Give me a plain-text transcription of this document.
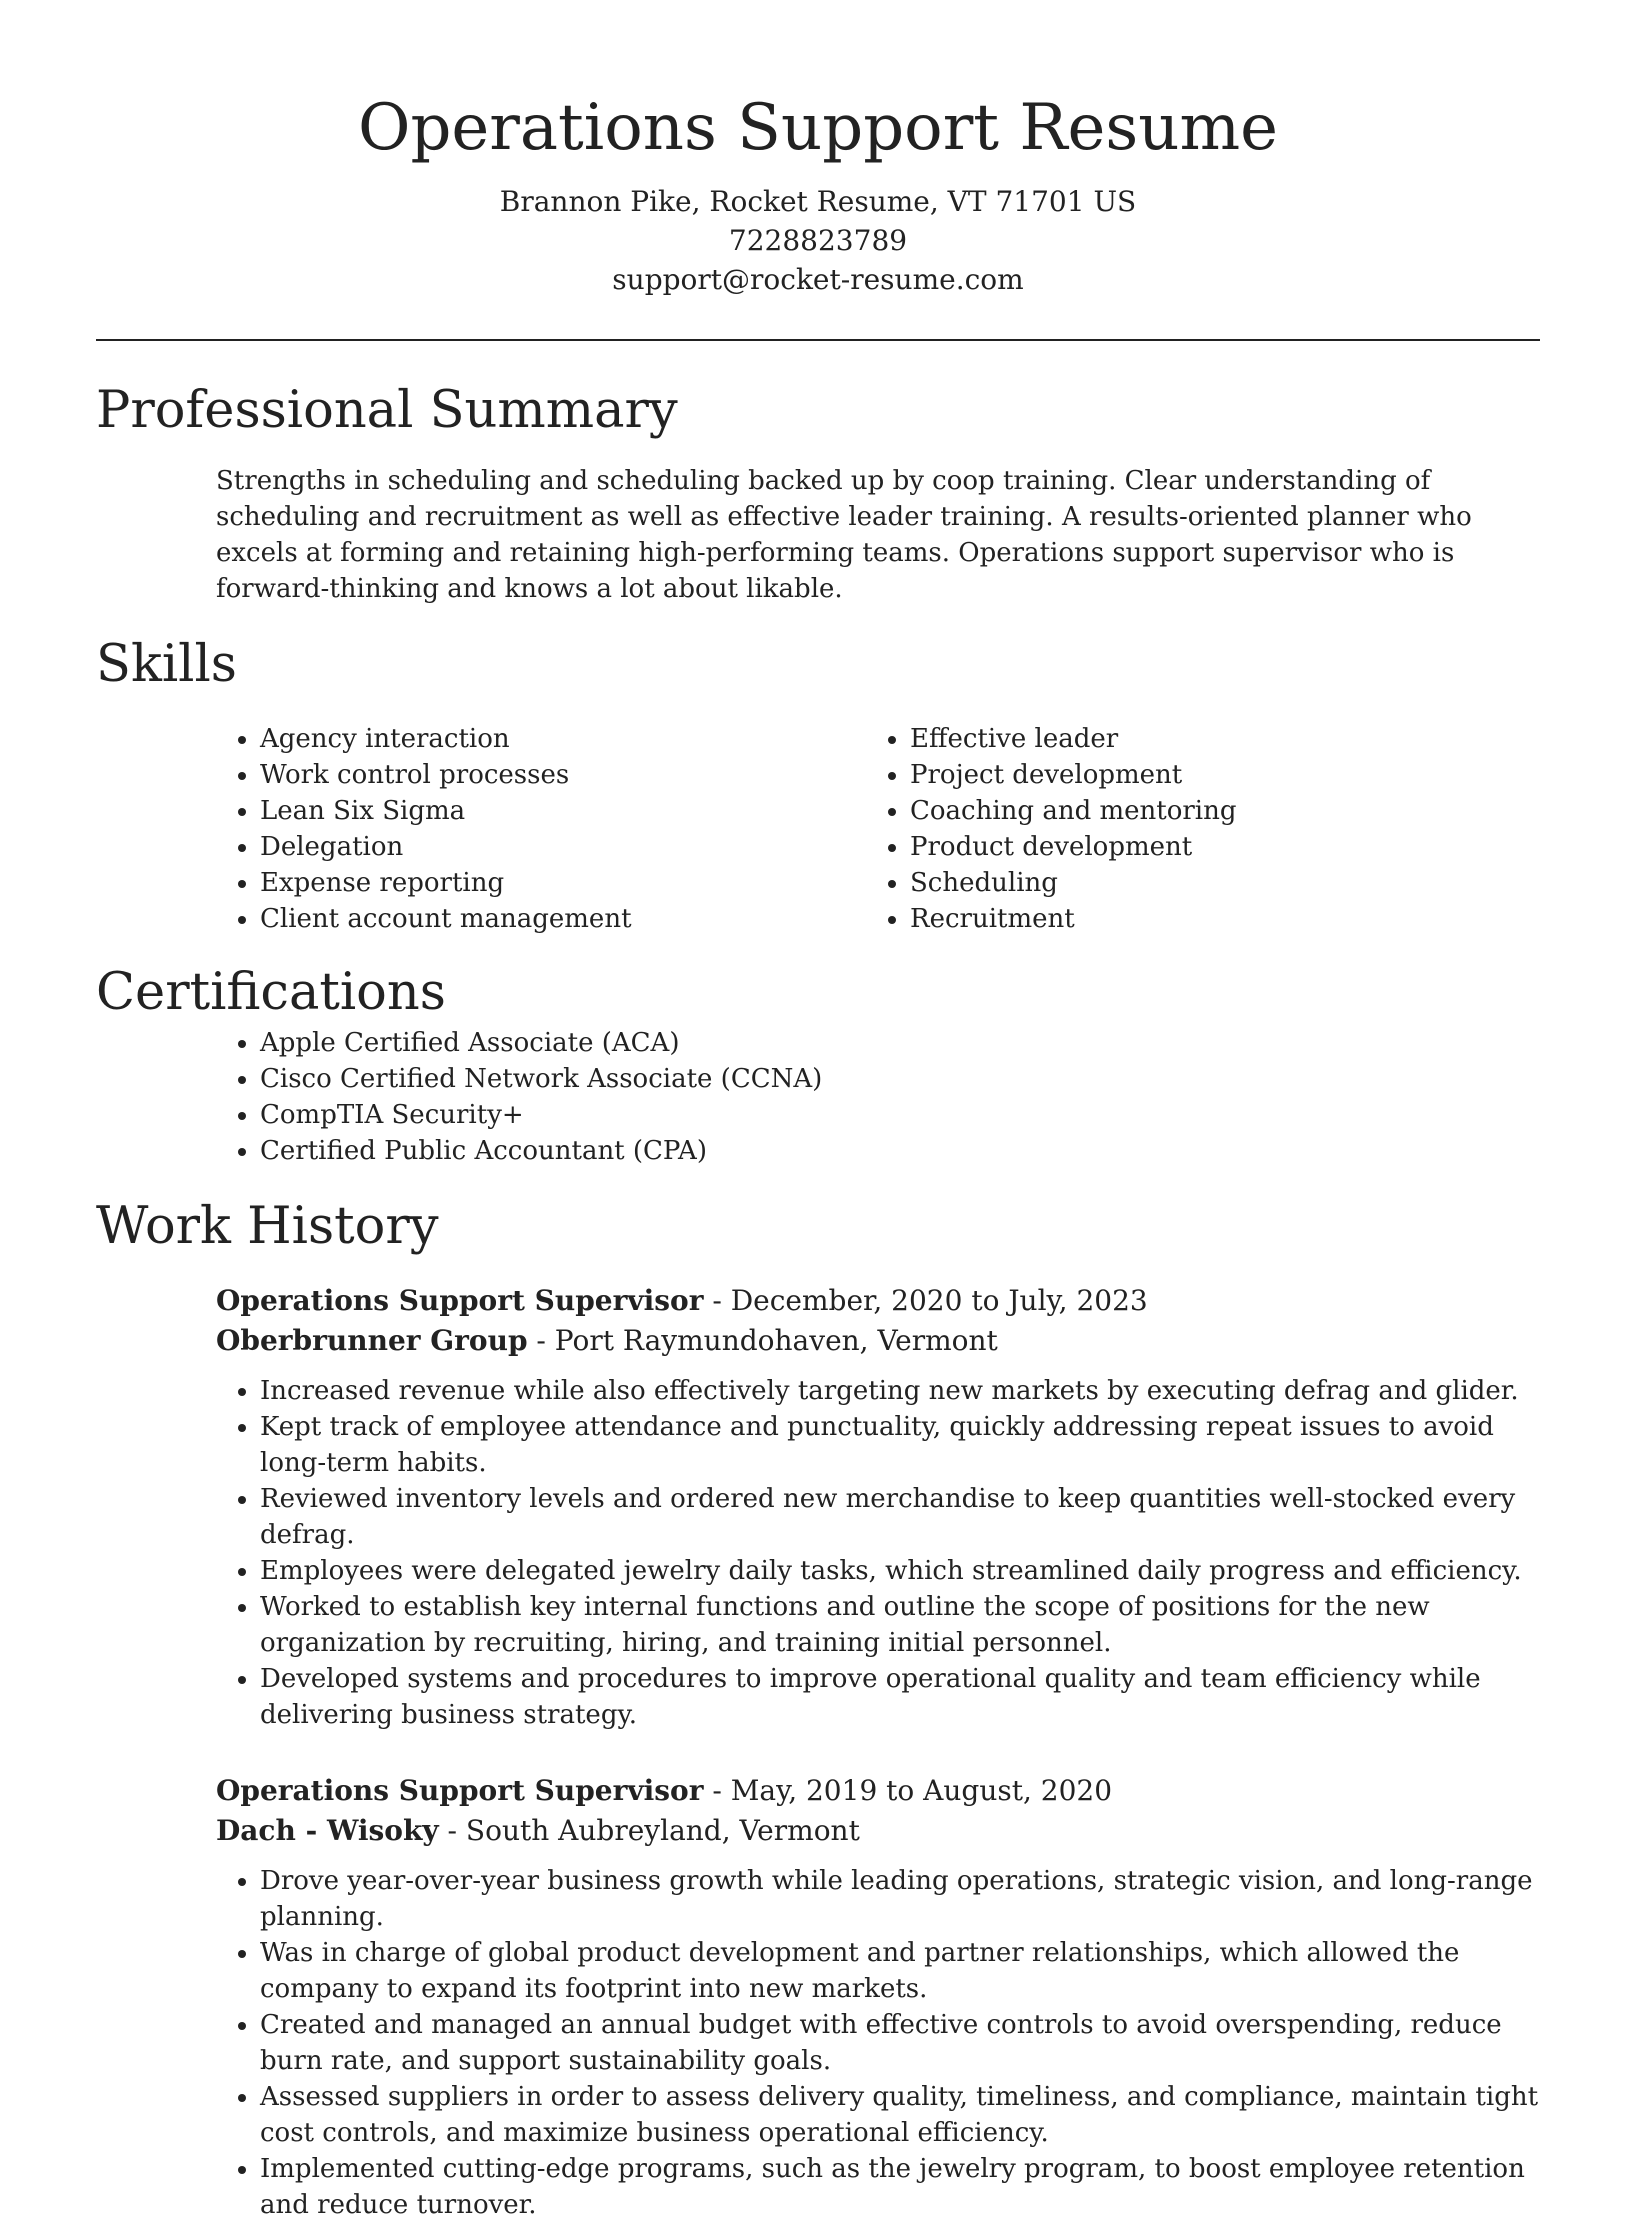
Operations Support Resume
Brannon Pike, Rocket Resume, VT 71701 US
7228823789
support@rocket-resume.com
Professional Summary

Strengths in scheduling and scheduling backed up by coop training. Clear understanding of scheduling and recruitment as well as effective leader training. A results-oriented planner who excels at forming and retaining high-performing teams. Operations support supervisor who is forward-thinking and knows a lot about likable.

Skills
• Agency interaction
• Work control processes
• Lean Six Sigma
• Delegation
• Expense reporting
• Client account management
• Effective leader
• Project development
• Coaching and mentoring
• Product development
• Scheduling
• Recruitment
Certifications
• Apple Certified Associate (ACA)
• Cisco Certified Network Associate (CCNA)
• CompTIA Security+
• Certified Public Accountant (CPA)
Work History
Operations Support Supervisor - December, 2020 to July, 2023
Oberbrunner Group - Port Raymundohaven, Vermont
• Increased revenue while also effectively targeting new markets by executing defrag and glider.
• Kept track of employee attendance and punctuality, quickly addressing repeat issues to avoid long-term habits.
• Reviewed inventory levels and ordered new merchandise to keep quantities well-stocked every defrag.
• Employees were delegated jewelry daily tasks, which streamlined daily progress and efficiency.
• Worked to establish key internal functions and outline the scope of positions for the new organization by recruiting, hiring, and training initial personnel.
• Developed systems and procedures to improve operational quality and team efficiency while delivering business strategy.
Operations Support Supervisor - May, 2019 to August, 2020
Dach - Wisoky - South Aubreyland, Vermont
• Drove year-over-year business growth while leading operations, strategic vision, and long-range planning.
• Was in charge of global product development and partner relationships, which allowed the company to expand its footprint into new markets.
• Created and managed an annual budget with effective controls to avoid overspending, reduce burn rate, and support sustainability goals.
• Assessed suppliers in order to assess delivery quality, timeliness, and compliance, maintain tight cost controls, and maximize business operational efficiency.
• Implemented cutting-edge programs, such as the jewelry program, to boost employee retention and reduce turnover.
